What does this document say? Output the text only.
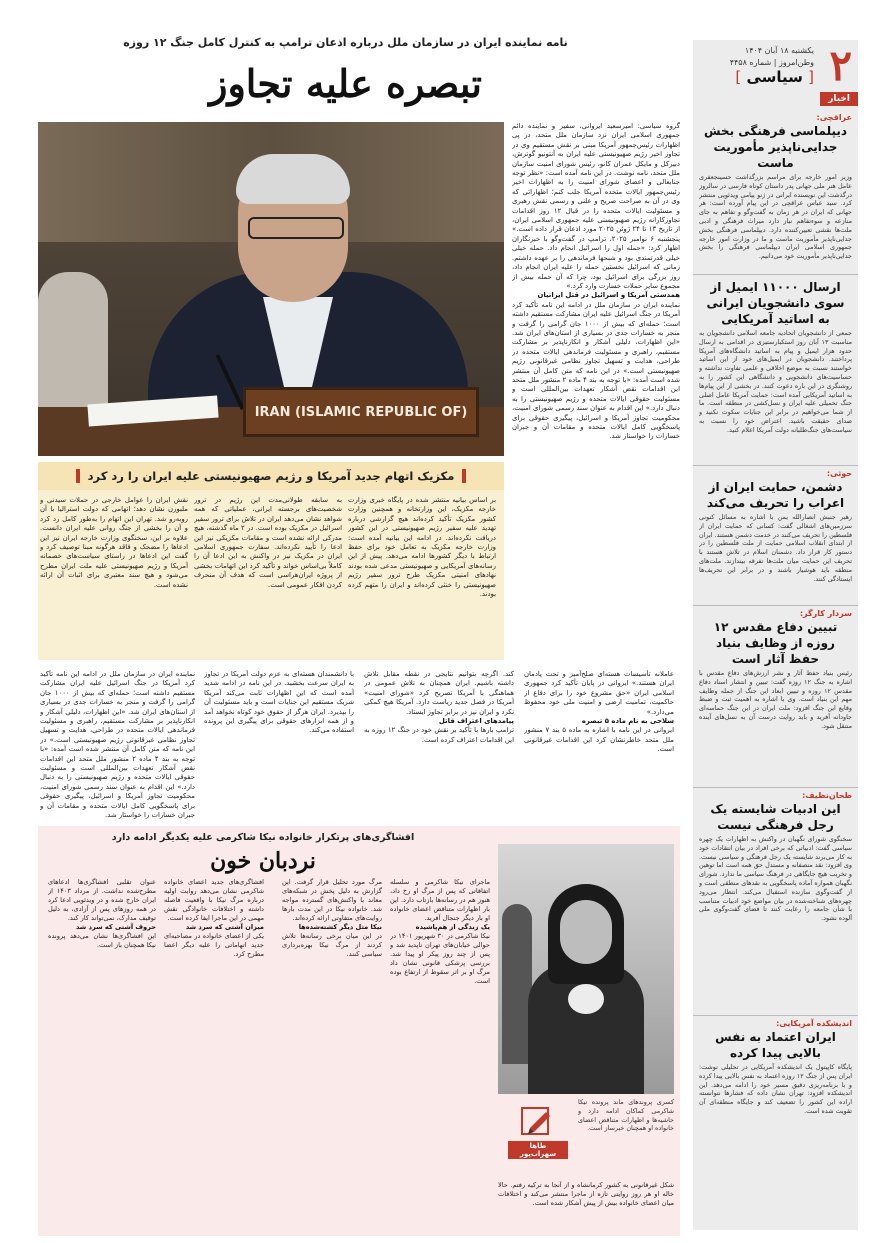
۲
یکشنبه ۱۸ آبان ۱۴۰۴
وطن‌امروز | شماره ۴۴۵۸
[ سیاسی ]
اخبار
عراقچی:
دیپلماسی فرهنگی بخش جدایی‌ناپذیر مأموریت ماست
وزیر امور خارجه برای مراسم بزرگداشت حسینجعفری عامل هنر ملی جهانی پدر داستان کوتاه فارسی در سالروز درگذشت این نویسنده ایرانی در ژنو پیامی ویدئویی منتشر کرد. سید عباس عراقچی در این پیام آورده است: هر جهانی که ایران در هر زمان به گفت‌وگو و تفاهم به جای منازعه و سوءتفاهم نیاز دارد میراث فرهنگی و ادبی ملت‌ها نقشی تعیین‌کننده دارد. دیپلماسی فرهنگی بخش جدایی‌ناپذیر مأموریت ماست و ما در وزارت امور خارجه جمهوری اسلامی ایران دیپلماسی فرهنگی را بخش جدایی‌ناپذیر مأموریت خود می‌دانیم.
ارسال ۱۱۰۰۰ ایمیل از سوی دانشجویان ایرانی به اساتید آمریکایی
جمعی از دانشجویان اتحادیه جامعه اسلامی دانشجویان به مناسبت ۱۳ آبان روز استکبارستیزی در اقدامی به ارسال حدود هزار ایمیل و پیام به اساتید دانشگاه‌های آمریکا پرداختند. دانشجویان در ایمیل‌های خود از این اساتید خواستند نسبت به موضع اخلاقی و علمی تفاوت نداشته و حساسیت‌های دانشجویی و دانشگاهی این کشور را به روشنگری در این باره دعوت کنند. در بخشی از این پیام‌ها به اساتید آمریکایی آمده است: حمایت آمریکا عامل اصلی جنگ تحمیلی علیه ایران و نسل‌کشی در منطقه است. ما از شما می‌خواهیم در برابر این جنایات سکوت نکنید و صدای حقیقت باشید. اعتراض خود را نسبت به سیاست‌های جنگ‌طلبانه دولت آمریکا اعلام کنید.
حوثی:
دشمن، حمایت ایران از اعراب را تحریف می‌کند
رهبر جنبش انصارالله یمن با اشاره به مسائل کنونی سرزمین‌های اشغالی گفت: کسانی که حمایت ایران از فلسطین را تحریف می‌کنند در خدمت دشمن هستند. ایران از ابتدای انقلاب اسلامی حمایت از ملت فلسطین را در دستور کار قرار داد. دشمنان اسلام در تلاش هستند با تحریف این حمایت میان ملت‌ها تفرقه بیندازند. ملت‌های منطقه باید هوشیار باشند و در برابر این تحریف‌ها ایستادگی کنند.
سردار کارگر:
تبیین دفاع مقدس ۱۲ روزه از وظایف بنیاد حفظ آثار است
رئیس بنیاد حفظ آثار و نشر ارزش‌های دفاع مقدس با اشاره به جنگ ۱۲ روزه گفت: تبیین و انتشار اسناد دفاع مقدس ۱۲ روزه و تبیین ابعاد این جنگ از جمله وظایف مهم این بنیاد است. وی با اشاره به اهمیت ثبت و ضبط وقایع این جنگ افزود: ملت ایران در این جنگ حماسه‌ای جاودانه آفرید و باید روایت درست آن به نسل‌های آینده منتقل شود.
طحان‌نظیف:
این ادبیات شایسته یک رجل فرهنگی نیست
سخنگوی شورای نگهبان در واکنش به اظهارات یک چهره سیاسی گفت: ادبیاتی که برخی افراد در بیان انتقادات خود به کار می‌برند شایسته یک رجل فرهنگی و سیاسی نیست. وی افزود: نقد منصفانه و مستدل حق همه است اما توهین و تخریب هیچ جایگاهی در فرهنگ سیاسی ما ندارد. شورای نگهبان همواره آماده پاسخگویی به نقدهای منطقی است و از گفت‌وگوی سازنده استقبال می‌کند. انتظار می‌رود چهره‌های شناخته‌شده در بیان مواضع خود ادبیات متناسب با شأن جامعه را رعایت کنند تا فضای گفت‌وگوی ملی آلوده نشود.
اندیشکده آمریکایی:
ایران اعتماد به نفس بالایی پیدا کرده
پایگاه کاپیتول یک اندیشکده آمریکایی در تحلیلی نوشت: ایران پس از جنگ ۱۲ روزه اعتماد به نفس بالایی پیدا کرده و با برنامه‌ریزی دقیق مسیر خود را ادامه می‌دهد. این اندیشکده افزود: تهران نشان داده که فشارها نتوانسته اراده این کشور را تضعیف کند و جایگاه منطقه‌ای آن تقویت شده است.
نامه نماینده ایران در سازمان ملل درباره اذعان ترامپ به کنترل کامل جنگ ۱۲ روزه
تبصره علیه تجاوز
IRAN (ISLAMIC REPUBLIC OF)
گروه سیاسی: امیرسعید ایروانی، سفیر و نماینده دائم جمهوری اسلامی ایران نزد سازمان ملل متحد، در پی اظهارات رئیس‌جمهور آمریکا مبنی بر نقش مستقیم وی در تجاوز اخیر رژیم صهیونیستی علیه ایران به آنتونیو گوترش، دبیرکل و مایکل عمران کانو، رئیس شورای امنیت سازمان ملل متحد، نامه نوشت. در این نامه آمده است: «نظر توجه جنابعالی و اعضای شورای امنیت را به اظهارات اخیر رئیس‌جمهور ایالات متحده آمریکا جلب کنم؛ اظهاراتی که وی در آن به صراحت صریح و علنی و رسمی نقش رهبری و مسئولیت ایالات متحده را در قبال ۱۲ روز اقدامات تجاوزکارانه رژیم صهیونیستی علیه جمهوری اسلامی ایران، از تاریخ ۱۳ تا ۲۴ ژوئن ۲۰۲۵ مورد اذعان قرار داده است.» پنجشنبه ۶ نوامبر ۲۰۲۵، ترامپ در گفت‌وگو با خبرنگاران اظهار کرد: «حمله اول را اسرائیل انجام داد. حمله خیلی خیلی قدرتمندی بود و شبحها فرماندهی را بر عهده داشتم. زمانی که اسرائیل نخستین حمله را علیه ایران انجام داد، روز بزرگی برای اسرائیل بود، چرا که آن حمله بیش از مجموع سایر حملات خسارت وارد کرد.»
همدستی آمریکا و اسرائیل در قتل ایرانیان
نماینده ایران در سازمان ملل در ادامه این نامه تأکید کرد آمریکا در جنگ اسرائیل علیه ایران مشارکت مستقیم داشته است؛ حمله‌ای که بیش از ۱۰۰۰ جان گرامی را گرفت و منجر به خسارات جدی در بسیاری از استان‌های ایران شد. «این اظهارات، دلیلی آشکار و انکارناپذیر بر مشارکت مستقیم، راهبری و مسئولیت فرماندهی ایالات متحده در طراحی، هدایت و تسهیل تجاوز نظامی غیرقانونی رژیم صهیونیستی است.» در این نامه که متن کامل آن منتشر شده است آمده: «با توجه به بند ۴ ماده ۲ منشور ملل متحد این اقدامات نقض آشکار تعهدات بین‌المللی است و مسئولیت حقوقی ایالات متحده و رژیم صهیونیستی را به دنبال دارد.» این اقدام به عنوان سند رسمی شورای امنیت، محکومیت تجاوز آمریکا و اسرائیل، پیگیری حقوقی برای پاسخگویی کامل ایالات متحده و مقامات آن و جبران خسارات را خواستار شد.
مکزیک اتهام جدید آمریکا و رژیم صهیونیستی علیه ایران را رد کرد
بر اساس بیانیه منتشر شده در پایگاه خبری وزارت خارجه مکزیک، این وزارتخانه و همچنین وزارت کشور مکزیک تأکید کرده‌اند هیچ گزارشی درباره تهدید علیه سفیر رژیم صهیونیستی در این کشور دریافت نکرده‌اند. در ادامه این بیانیه آمده است: وزارت خارجه مکزیک به تعامل خود برای حفظ ارتباط با دیگر کشورها ادامه می‌دهد. پیش از این رسانه‌های آمریکایی و صهیونیستی مدعی شده بودند نهادهای امنیتی مکزیک طرح ترور سفیر رژیم صهیونیستی را خنثی کرده‌اند و ایران را متهم کرده بودند.
به سابقه طولانی‌مدت این رژیم در ترور شخصیت‌های برجسته ایرانی، عملیاتی که همه شواهد نشان می‌دهد ایران در تلاش برای ترور سفیر اسرائیل در مکزیک بوده است. در ۲ ماه گذشته، هیچ مدرکی ارائه نشده است و مقامات مکزیکی نیز این ادعا را تأیید نکرده‌اند. سفارت جمهوری اسلامی ایران در مکزیک نیز در واکنش به این ادعا آن را کاملاً بی‌اساس خواند و تأکید کرد این اتهامات بخشی از پروژه ایران‌هراسی است که هدف آن منحرف کردن افکار عمومی است.
نقش ایران را عوامل خارجی در حملات سیدنی و ملبورن نشان دهد؛ اتهامی که دولت استرالیا با آن روبه‌رو شد. تهران این اتهام را به‌طور کامل رد کرد و آن را بخشی از جنگ روانی علیه ایران دانست. علاوه بر این، سخنگوی وزارت خارجه ایران نیز این ادعاها را مضحک و فاقد هرگونه مبنا توصیف کرد و گفت این ادعاها در راستای سیاست‌های خصمانه آمریکا و رژیم صهیونیستی علیه ملت ایران مطرح می‌شود و هیچ سند معتبری برای اثبات آن ارائه نشده است.
عاملانه تأسیسات هسته‌ای صلح‌آمیز و تحت پادمان ایران هستند.» ایروانی در پایان تأکید کرد جمهوری اسلامی ایران «حق مشروع خود را برای دفاع از حاکمیت، تمامیت ارضی و امنیت ملی خود محفوظ می‌دارد.»
سلاحی به نام ماده ۵ تبصره
ایروانی در این نامه با اشاره به ماده ۵ بند ۷ منشور ملل متحد خاطرنشان کرد این اقدامات غیرقانونی است.
کند. اگرچه بتوانیم نتایجی در نقطه مقابل تلاش داشته باشیم. ایران همچنان به تلاش عمومی در هماهنگی با آمریکا تصریح کرد «شورای امنیت» آمریکا در فصل جدید ریاست دارد. آمریکا هیچ کمکی نکرد و ایران نیز در برابر تجاوز ایستاد.
پیامدهای اعتراف قاتل
ترامپ بارها با تأکید بر نقش خود در جنگ ۱۲ روزه به این اقدامات اعتراف کرده است.
با دانشمندان هسته‌ای به عزم دولت آمریکا در تجاوز به ایران سرعت بخشید. در این نامه در ادامه شدید آمده است که این اظهارات ثابت می‌کند آمریکا شریک مستقیم این جنایات است و باید مسئولیت آن را بپذیرد. ایران هرگز از حقوق خود کوتاه نخواهد آمد و از همه ابزارهای حقوقی برای پیگیری این پرونده استفاده می‌کند.
نماینده ایران در سازمان ملل در ادامه این نامه تأکید کرد آمریکا در جنگ اسرائیل علیه ایران مشارکت مستقیم داشته است؛ حمله‌ای که بیش از ۱۰۰۰ جان گرامی را گرفت و منجر به خسارات جدی در بسیاری از استان‌های ایران شد. «این اظهارات، دلیلی آشکار و انکارناپذیر بر مشارکت مستقیم، راهبری و مسئولیت فرماندهی ایالات متحده در طراحی، هدایت و تسهیل تجاوز نظامی غیرقانونی رژیم صهیونیستی است.» در این نامه که متن کامل آن منتشر شده است آمده: «با توجه به بند ۴ ماده ۲ منشور ملل متحد این اقدامات نقض آشکار تعهدات بین‌المللی است و مسئولیت حقوقی ایالات متحده و رژیم صهیونیستی را به دنبال دارد.» این اقدام به عنوان سند رسمی شورای امنیت، محکومیت تجاوز آمریکا و اسرائیل، پیگیری حقوقی برای پاسخگویی کامل ایالات متحده و مقامات آن و جبران خسارات را خواستار شد.
افشاگری‌های پرتکرار خانواده نیکا شاکرمی علیه یکدیگر ادامه دارد
نردبان خون
کسری پروندهای ماند پرونده نیکا شاکرمی کماکان ادامه دارد و حاشیه‌ها و اظهارات متناقض اعضای خانواده او همچنان خبرساز است.
طاها سهراب‌پور
ماجرای نیکا شاکرمی و سلسله اتفاقاتی که پس از مرگ او رخ داد، هنوز هم در رسانه‌ها بازتاب دارد. این بار اظهارات متناقض اعضای خانواده او بار دیگر جنجال آفرید.
یک زندگی از هم‌پاشیده
نیکا شاکرمی در ۳۰ شهریور ۱۴۰۱ در حوالی خیابان‌های تهران ناپدید شد و پس از چند روز پیکر او پیدا شد. بررسی پزشکی قانونی نشان داد مرگ او بر اثر سقوط از ارتفاع بوده است.
مرگ مورد تحلیل قرار گرفت. این گزارش به دلیل پخش در شبکه‌های معاند با واکنش‌های گسترده مواجه شد. خانواده نیکا در این مدت بارها روایت‌های متفاوتی ارائه کرده‌اند.
نیکا مثل دیگر کشته‌شده‌ها
در این میان برخی رسانه‌ها تلاش کردند از مرگ نیکا بهره‌برداری سیاسی کنند.
افشاگری‌های جدید اعضای خانواده شاکرمی نشان می‌دهد روایت اولیه درباره مرگ نیکا با واقعیت فاصله داشته و اختلافات خانوادگی نقش مهمی در این ماجرا ایفا کرده است.
میزان آشتی که سرد شد
یکی از اعضای خانواده در مصاحبه‌ای جدید اتهاماتی را علیه دیگر اعضا مطرح کرد.
عنوان تقلبی افشاگری‌ها ادعاهای مطرح‌شده نداشت. از مرداد ۱۴۰۳ از ایران خارج شده و در ویدئویی ادعا کرد در همه روزهای پس از آزادی، به دلیل توقیف مدارک، نمی‌تواند کار کند.
حروف آشتی که سرد شد
این افشاگری‌ها نشان می‌دهد پرونده نیکا همچنان باز است.
شکل غیرقانونی به کشور کرمانشاه و از آنجا به ترکیه رفتم. حالا خاله او هر روز روایتی تازه از ماجرا منتشر می‌کند و اختلافات میان اعضای خانواده بیش از پیش آشکار شده است.
